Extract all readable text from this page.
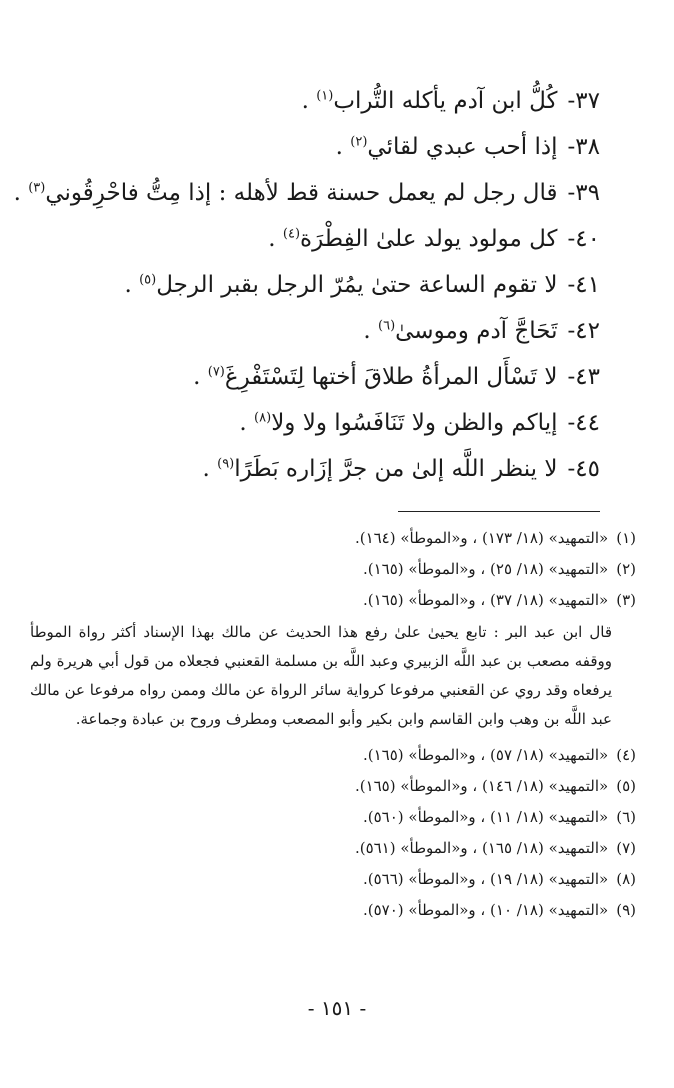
٣٧-كُلُّ ابن آدم يأكله التُّراب$^{(١)}$ .
٣٨-إذا أحب عبدي لقائي$^{(٢)}$ .
٣٩-قال رجل لم يعمل حسنة قط لأهله : إذا مِتُّ فاحْرِقُوني$^{(٣)}$ .
٤٠-كل مولود يولد علىٰ الفِطْرَة$^{(٤)}$ .
٤١-لا تقوم الساعة حتىٰ يمُرّ الرجل بقبر الرجل$^{(٥)}$ .
٤٢-تَحَاجَّ آدم وموسىٰ$^{(٦)}$ .
٤٣-لا تَسْأَل المرأةُ طلاقَ أختها لِتَسْتَفْرِغَ$^{(٧)}$ .
٤٤-إياكم والظن ولا تَنَافَسُوا ولا ولا$^{(٨)}$ .
٤٥-لا ينظر اللَّه إلىٰ من جرَّ إزَاره بَطَرًا$^{(٩)}$ .
(١)«التمهيد» (١٨/ ١٧٣) ، و«الموطأ» (١٦٤).
(٢)«التمهيد» (١٨/ ٢٥) ، و«الموطأ» (١٦٥).
(٣)«التمهيد» (١٨/ ٣٧) ، و«الموطأ» (١٦٥).

قال ابن عبد البر : تابع يحيىٰ علىٰ رفع هذا الحديث عن مالك بهذا الإسناد أكثر رواة الموطأ ووقفه مصعب بن عبد اللَّه الزبيري وعبد اللَّه بن مسلمة القعنبي فجعلاه من قول أبي هريرة ولم يرفعاه وقد روي عن القعنبي مرفوعا كرواية سائر الرواة عن مالك وممن رواه مرفوعا عن مالك عبد اللَّه بن وهب وابن القاسم وابن بكير وأبو المصعب ومطرف وروح بن عبادة وجماعة.

(٤)«التمهيد» (١٨/ ٥٧) ، و«الموطأ» (١٦٥).
(٥)«التمهيد» (١٨/ ١٤٦) ، و«الموطأ» (١٦٥).
(٦)«التمهيد» (١٨/ ١١) ، و«الموطأ» (٥٦٠).
(٧)«التمهيد» (١٨/ ١٦٥) ، و«الموطأ» (٥٦١).
(٨)«التمهيد» (١٨/ ١٩) ، و«الموطأ» (٥٦٦).
(٩)«التمهيد» (١٨/ ١٠) ، و«الموطأ» (٥٧٠).
- ١٥١ -
